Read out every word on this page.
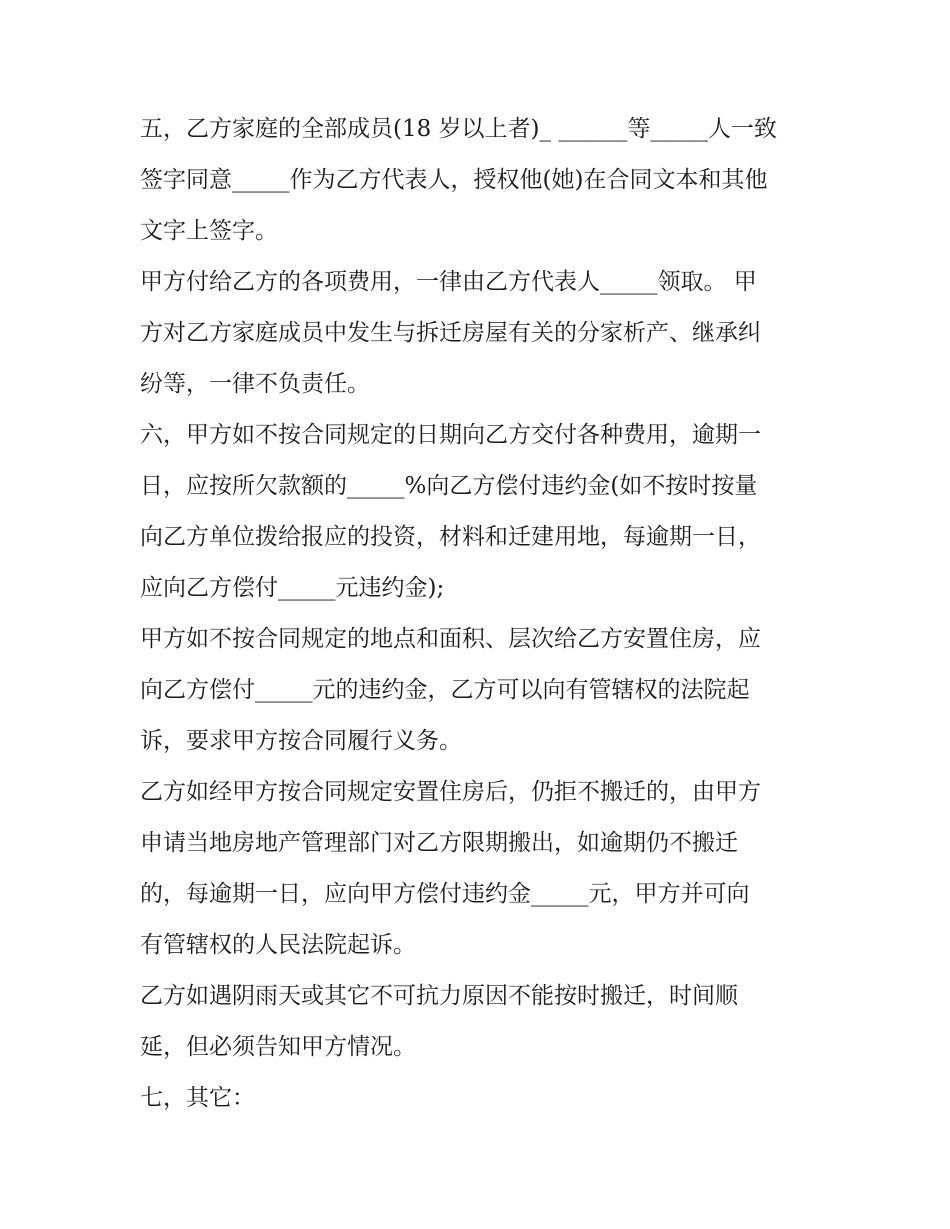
五，乙方家庭的全部成员(18 岁以上者)_ ______等_____人一致

签字同意_____作为乙方代表人，授权他(她)在合同文本和其他

文字上签字。

甲方付给乙方的各项费用，一律由乙方代表人_____领取。 甲

方对乙方家庭成员中发生与拆迁房屋有关的分家析产、继承纠

纷等，一律不负责任。

六，甲方如不按合同规定的日期向乙方交付各种费用，逾期一

日，应按所欠款额的_____%向乙方偿付违约金(如不按时按量

向乙方单位拨给报应的投资，材料和迁建用地，每逾期一日，

应向乙方偿付_____元违约金);

甲方如不按合同规定的地点和面积、层次给乙方安置住房，应

向乙方偿付_____元的违约金，乙方可以向有管辖权的法院起

诉，要求甲方按合同履行义务。

乙方如经甲方按合同规定安置住房后，仍拒不搬迁的，由甲方

申请当地房地产管理部门对乙方限期搬出，如逾期仍不搬迁

的，每逾期一日，应向甲方偿付违约金_____元，甲方并可向

有管辖权的人民法院起诉。

乙方如遇阴雨天或其它不可抗力原因不能按时搬迁，时间顺

延，但必须告知甲方情况。

七，其它：
